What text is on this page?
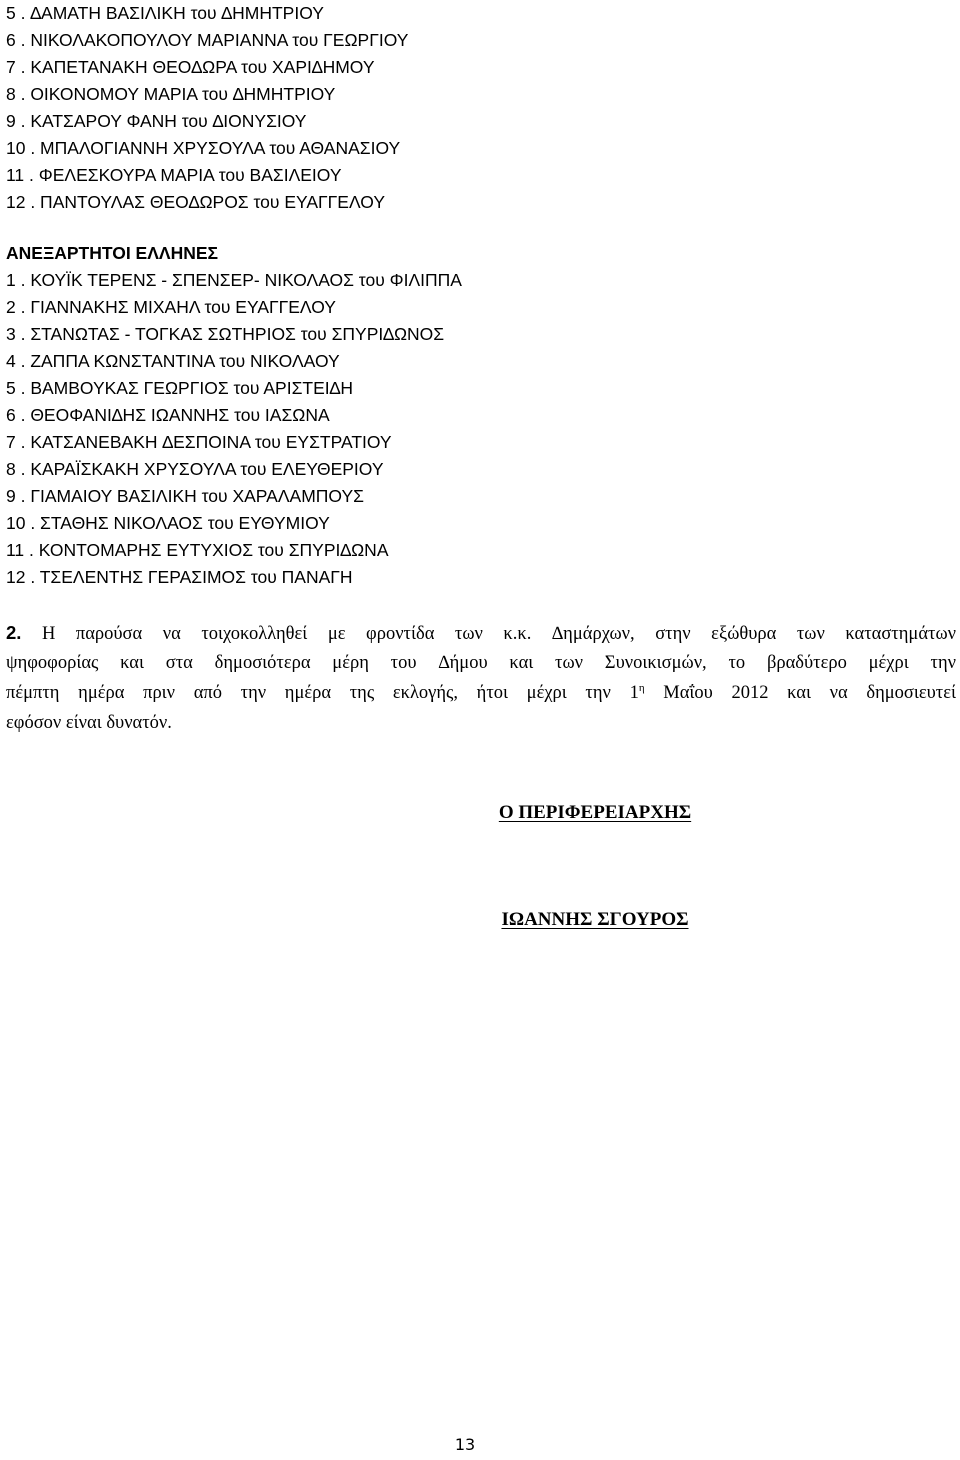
5 . ∆ΑΜΑΤΗ ΒΑΣΙΛΙΚΗ του ∆ΗΜΗΤΡΙΟΥ
6 . ΝΙΚΟΛΑΚΟΠΟΥΛΟΥ ΜΑΡΙΑΝΝΑ του ΓΕΩΡΓΙΟΥ
7 . ΚΑΠΕΤΑΝΑΚΗ ΘΕΟ∆ΩΡΑ του ΧΑΡΙ∆ΗΜΟΥ
8 . ΟΙΚΟΝΟΜΟΥ ΜΑΡΙΑ του ∆ΗΜΗΤΡΙΟΥ
9 . ΚΑΤΣΑΡΟΥ ΦΑΝΗ του ∆ΙΟΝΥΣΙΟΥ
10 . ΜΠΑΛΟΓΙΑΝΝΗ ΧΡΥΣΟΥΛΑ του ΑΘΑΝΑΣΙΟΥ
11 . ΦΕΛΕΣΚΟΥΡΑ ΜΑΡΙΑ του ΒΑΣΙΛΕΙΟΥ
12 . ΠΑΝΤΟΥΛΑΣ ΘΕΟ∆ΩΡΟΣ του ΕΥΑΓΓΕΛΟΥ
ΑΝΕΞΑΡΤΗΤΟΙ ΕΛΛΗΝΕΣ
1 . ΚΟΥΪΚ ΤΕΡΕΝΣ - ΣΠΕΝΣΕΡ- ΝΙΚΟΛΑΟΣ του ΦΙΛΙΠΠΑ
2 . ΓΙΑΝΝΑΚΗΣ ΜΙΧΑΗΛ του ΕΥΑΓΓΕΛΟΥ
3 . ΣΤΑΝΩΤΑΣ - ΤΟΓΚΑΣ ΣΩΤΗΡΙΟΣ του ΣΠΥΡΙ∆ΩΝΟΣ
4 . ΖΑΠΠΑ ΚΩΝΣΤΑΝΤΙΝΑ του ΝΙΚΟΛΑΟΥ
5 . ΒΑΜΒΟΥΚΑΣ ΓΕΩΡΓΙΟΣ του ΑΡΙΣΤΕΙ∆Η
6 . ΘΕΟΦΑΝΙ∆ΗΣ ΙΩΑΝΝΗΣ του ΙΑΣΩΝΑ
7 . ΚΑΤΣΑΝΕΒΑΚΗ ∆ΕΣΠΟΙΝΑ του ΕΥΣΤΡΑΤΙΟΥ
8 . ΚΑΡΑΪΣΚΑΚΗ ΧΡΥΣΟΥΛΑ του ΕΛΕΥΘΕΡΙΟΥ
9 . ΓΙΑΜΑΙΟΥ ΒΑΣΙΛΙΚΗ του ΧΑΡΑΛΑΜΠΟΥΣ
10 . ΣΤΑΘΗΣ ΝΙΚΟΛΑΟΣ του ΕΥΘΥΜΙΟΥ
11 . ΚΟΝΤΟΜΑΡΗΣ ΕΥΤΥΧΙΟΣ του ΣΠΥΡΙ∆ΩΝΑ
12 . ΤΣΕΛΕΝΤΗΣ ΓΕΡΑΣΙΜΟΣ του ΠΑΝΑΓΗ
2. Η παρούσα να τοιχοκολληθεί με φροντίδα των κ.κ. ∆ημάρχων, στην εξώθυρα των καταστημάτων
ψηφοφορίας και στα δημοσιότερα μέρη του ∆ήμου και των Συνοικισμών, το βραδύτερο μέχρι την
πέμπτη ημέρα πριν από την ημέρα της εκλογής, ήτοι μέχρι την $1^\eta$ Μαΐου 2012 και να δημοσιευτεί
εφόσον είναι δυνατόν.

Ο ΠΕΡΙΦΕΡΕΙΑΡΧΗΣ

ΙΩΑΝΝΗΣ ΣΓΟΥΡΟΣ

13
